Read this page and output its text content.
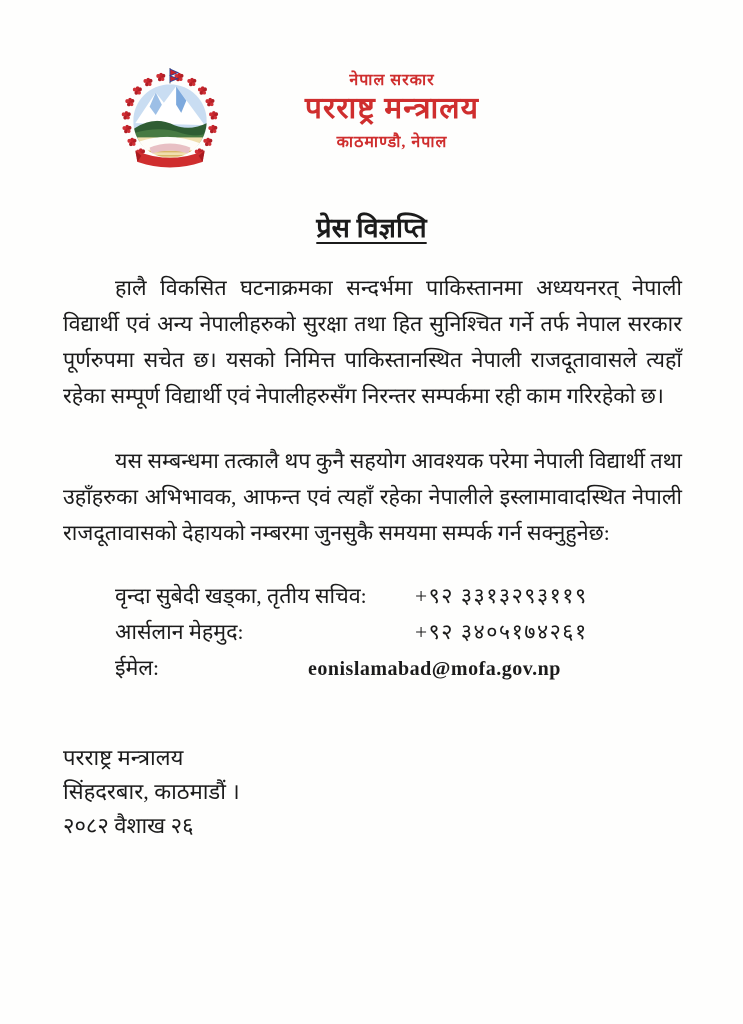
नेपाल सरकार
परराष्ट्र मन्त्रालय
काठमाण्डौ, नेपाल
प्रेस विज्ञप्ति

हालै विकसित घटनाक्रमका सन्दर्भमा पाकिस्तानमा अध्ययनरत् नेपाली विद्यार्थी एवं अन्य नेपालीहरुको सुरक्षा तथा हित सुनिश्चित गर्ने तर्फ नेपाल सरकार पूर्णरुपमा सचेत छ। यसको निमित्त पाकिस्तानस्थित नेपाली राजदूतावासले त्यहाँ रहेका सम्पूर्ण विद्यार्थी एवं नेपालीहरुसँग निरन्तर सम्पर्कमा रही काम गरिरहेको छ।

यस सम्बन्धमा तत्कालै थप कुनै सहयोग आवश्यक परेमा नेपाली विद्यार्थी तथा उहाँहरुका अभिभावक, आफन्त एवं त्यहाँ रहेका नेपालीले इस्लामावादस्थित नेपाली राजदूतावासको देहायको नम्बरमा जुनसुकै समयमा सम्पर्क गर्न सक्नुहुनेछ:

वृन्दा सुबेदी खड्का, तृतीय सचिव:	+९२ ३३१३२९३११९
आर्सलान मेहमुद:	+९२ ३४०५१७४२६१
ईमेल:	eonislamabad@mofa.gov.np
परराष्ट्र मन्त्रालय
सिंहदरबार, काठमाडौं ।
२०८२ वैशाख २६
